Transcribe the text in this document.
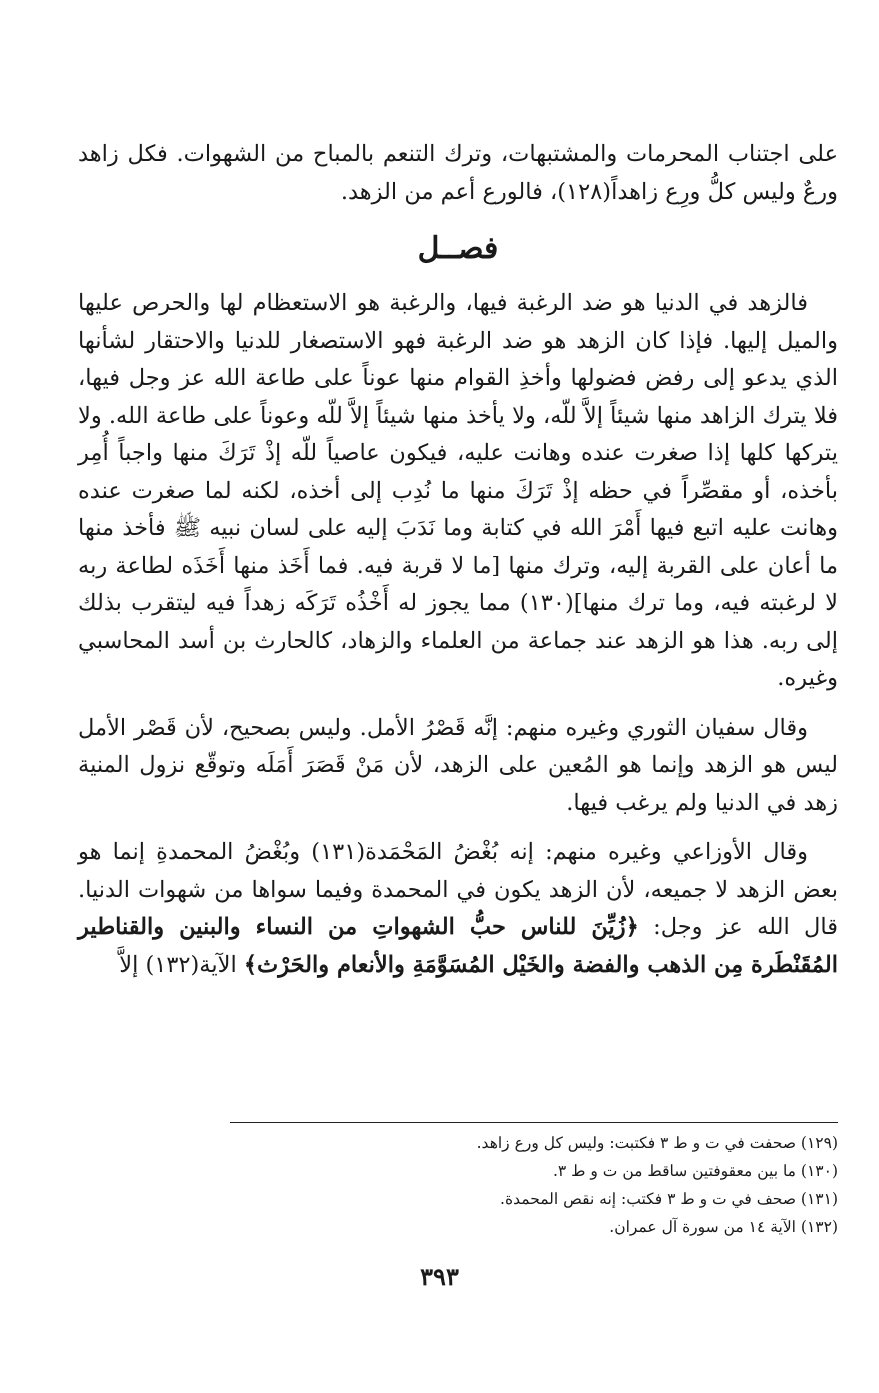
على اجتناب المحرمات والمشتبهات، وترك التنعم بالمباح من الشهوات. فكل زاهد ورعٌ وليس كلُّ ورِع زاهداً(١٢٨)، فالورع أعم من الزهد.

فصــل

فالزهد في الدنيا هو ضد الرغبة فيها، والرغبة هو الاستعظام لها والحرص عليها والميل إليها. فإذا كان الزهد هو ضد الرغبة فهو الاستصغار للدنيا والاحتقار لشأنها الذي يدعو إلى رفض فضولها وأخذِ القوام منها عوناً على طاعة الله عز وجل فيها، فلا يترك الزاهد منها شيئاً إلاَّ للّه، ولا يأخذ منها شيئاً إلاَّ للّه وعوناً على طاعة الله. ولا يتركها كلها إذا صغرت عنده وهانت عليه، فيكون عاصياً للّه إذْ تَرَكَ منها واجباً أُمِر بأخذه، أو مقصِّراً في حظه إذْ تَرَكَ منها ما نُدِب إلى أخذه، لكنه لما صغرت عنده وهانت عليه اتبع فيها أَمْرَ الله في كتابة وما نَدَبَ إليه على لسان نبيه ﷺ فأخذ منها ما أعان على القربة إليه، وترك منها [ما لا قربة فيه. فما أَخَذ منها أَخَذَه لطاعة ربه لا لرغبته فيه، وما ترك منها](١٣٠) مما يجوز له أَخْذُه تَرَكَه زهداً فيه ليتقرب بذلك إلى ربه. هذا هو الزهد عند جماعة من العلماء والزهاد، كالحارث بن أسد المحاسبي وغيره.

وقال سفيان الثوري وغيره منهم: إنَّه قَصْرُ الأمل. وليس بصحيح، لأن قَصْر الأمل ليس هو الزهد وإنما هو المُعين على الزهد، لأن مَنْ قَصَرَ أَمَلَه وتوقّع نزول المنية زهد في الدنيا ولم يرغب فيها.

وقال الأوزاعي وغيره منهم: إنه بُغْضُ المَحْمَدة(١٣١) وبُغْضُ المحمدةِ إنما هو بعض الزهد لا جميعه، لأن الزهد يكون في المحمدة وفيما سواها من شهوات الدنيا. قال الله عز وجل: ﴿زُيِّنَ للناس حبُّ الشهواتِ من النساء والبنين والقناطير المُقَنْطَرة مِن الذهب والفضة والخَيْل المُسَوَّمَةِ والأنعام والحَرْث﴾ الآية(١٣٢) إلاَّ

(١٢٩) صحفت في ت و ط ٣ فكتبت: وليس كل ورع زاهد.

(١٣٠) ما بين معقوفتين ساقط من ت و ط ٣.

(١٣١) صحف في ت و ط ٣ فكتب: إنه نقص المحمدة.

(١٣٢) الآية ١٤ من سورة آل عمران.

٣٩٣
